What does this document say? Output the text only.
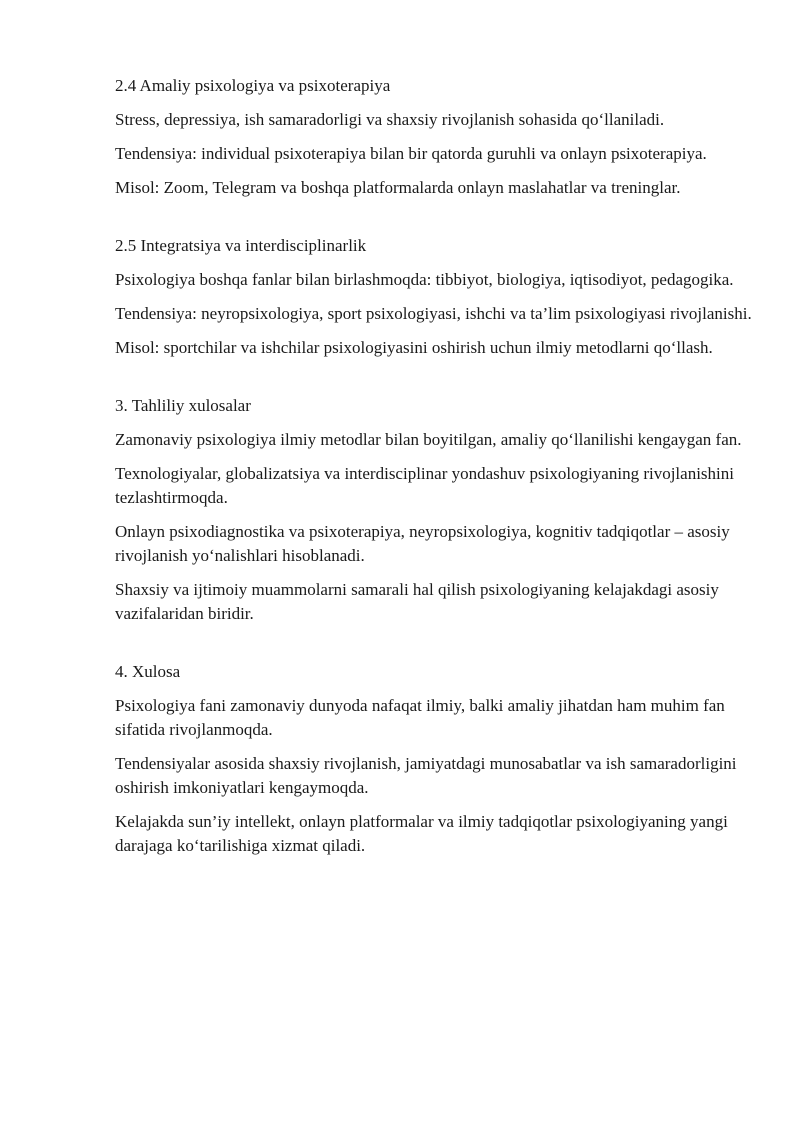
2.4 Amaliy psixologiya va psixoterapiya

Stress, depressiya, ish samaradorligi va shaxsiy rivojlanish sohasida qo‘llaniladi.

Tendensiya: individual psixoterapiya bilan bir qatorda guruhli va onlayn psixoterapiya.

Misol: Zoom, Telegram va boshqa platformalarda onlayn maslahatlar va treninglar.

2.5 Integratsiya va interdisciplinarlik

Psixologiya boshqa fanlar bilan birlashmoqda: tibbiyot, biologiya, iqtisodiyot, pedagogika.

Tendensiya: neyropsixologiya, sport psixologiyasi, ishchi va ta’lim psixologiyasi rivojlanishi.

Misol: sportchilar va ishchilar psixologiyasini oshirish uchun ilmiy metodlarni qo‘llash.

3. Tahliliy xulosalar

Zamonaviy psixologiya ilmiy metodlar bilan boyitilgan, amaliy qo‘llanilishi kengaygan fan.

Texnologiyalar, globalizatsiya va interdisciplinar yondashuv psixologiyaning rivojlanishini tezlashtirmoqda.

Onlayn psixodiagnostika va psixoterapiya, neyropsixologiya, kognitiv tadqiqotlar – asosiy rivojlanish yo‘nalishlari hisoblanadi.

Shaxsiy va ijtimoiy muammolarni samarali hal qilish psixologiyaning kelajakdagi asosiy vazifalaridan biridir.

4. Xulosa

Psixologiya fani zamonaviy dunyoda nafaqat ilmiy, balki amaliy jihatdan ham muhim fan sifatida rivojlanmoqda.

Tendensiyalar asosida shaxsiy rivojlanish, jamiyatdagi munosabatlar va ish samaradorligini oshirish imkoniyatlari kengaymoqda.

Kelajakda sun’iy intellekt, onlayn platformalar va ilmiy tadqiqotlar psixologiyaning yangi darajaga ko‘tarilishiga xizmat qiladi.
